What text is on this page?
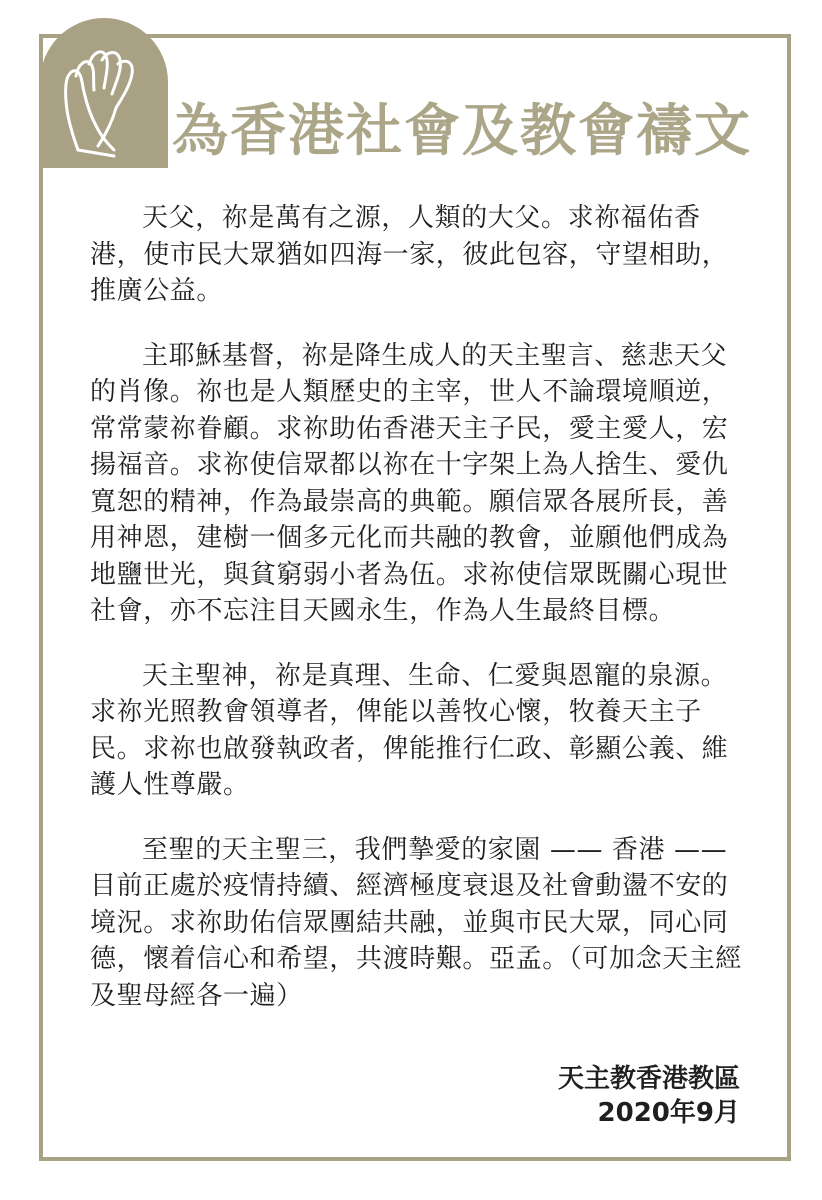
為香港社會及教會禱文

天父，祢是萬有之源，人類的大父。求祢福佑香港，使市民大眾猶如四海一家，彼此包容，守望相助，推廣公益。

主耶穌基督，祢是降生成人的天主聖言、慈悲天父的肖像。祢也是人類歷史的主宰，世人不論環境順逆，常常蒙祢眷顧。求祢助佑香港天主子民，愛主愛人，宏揚福音。求祢使信眾都以祢在十字架上為人捨生、愛仇寬恕的精神，作為最崇高的典範。願信眾各展所長，善用神恩，建樹一個多元化而共融的教會，並願他們成為地鹽世光，與貧窮弱小者為伍。求祢使信眾既關心現世社會，亦不忘注目天國永生，作為人生最終目標。

天主聖神，祢是真理、生命、仁愛與恩寵的泉源。求祢光照教會領導者，俾能以善牧心懷，牧養天主子民。求祢也啟發執政者，俾能推行仁政、彰顯公義、維護人性尊嚴。

至聖的天主聖三，我們摯愛的家園 —— 香港 —— 目前正處於疫情持續、經濟極度衰退及社會動盪不安的境況。求祢助佑信眾團結共融，並與市民大眾，同心同德，懷着信心和希望，共渡時艱。亞孟。（可加念天主經及聖母經各一遍）

天主教香港教區
2020年9月
